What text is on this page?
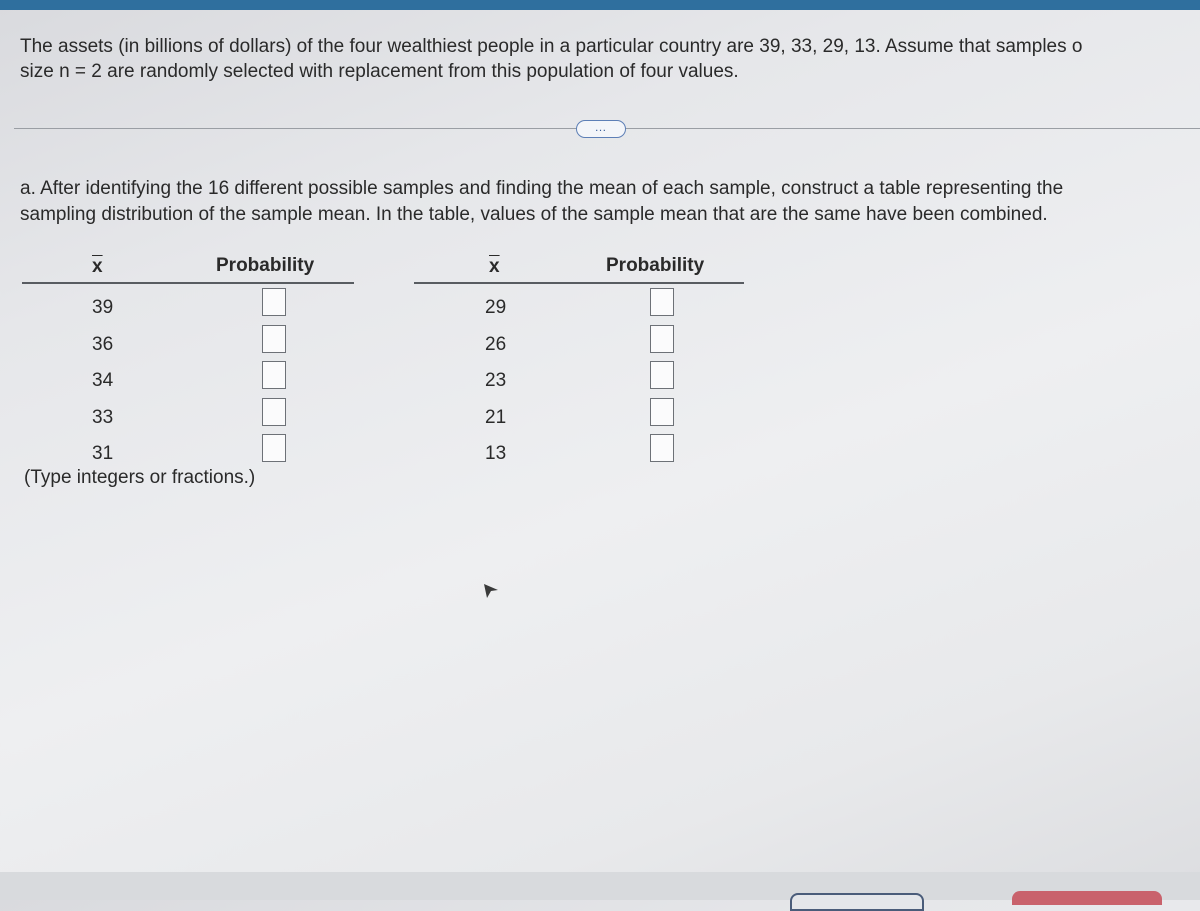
The assets (in billions of dollars) of the four wealthiest people in a particular country are 39, 33, 29, 13. Assume that samples o
size n = 2 are randomly selected with replacement from this population of four values.
…
a. After identifying the 16 different possible samples and finding the mean of each sample, construct a table representing the
sampling distribution of the sample mean. In the table, values of the sample mean that are the same have been combined.
$\overline{x}$	Probability
39
36
34
33
31
$\overline{x}$	Probability
29
26
23
21
13
(Type integers or fractions.)
